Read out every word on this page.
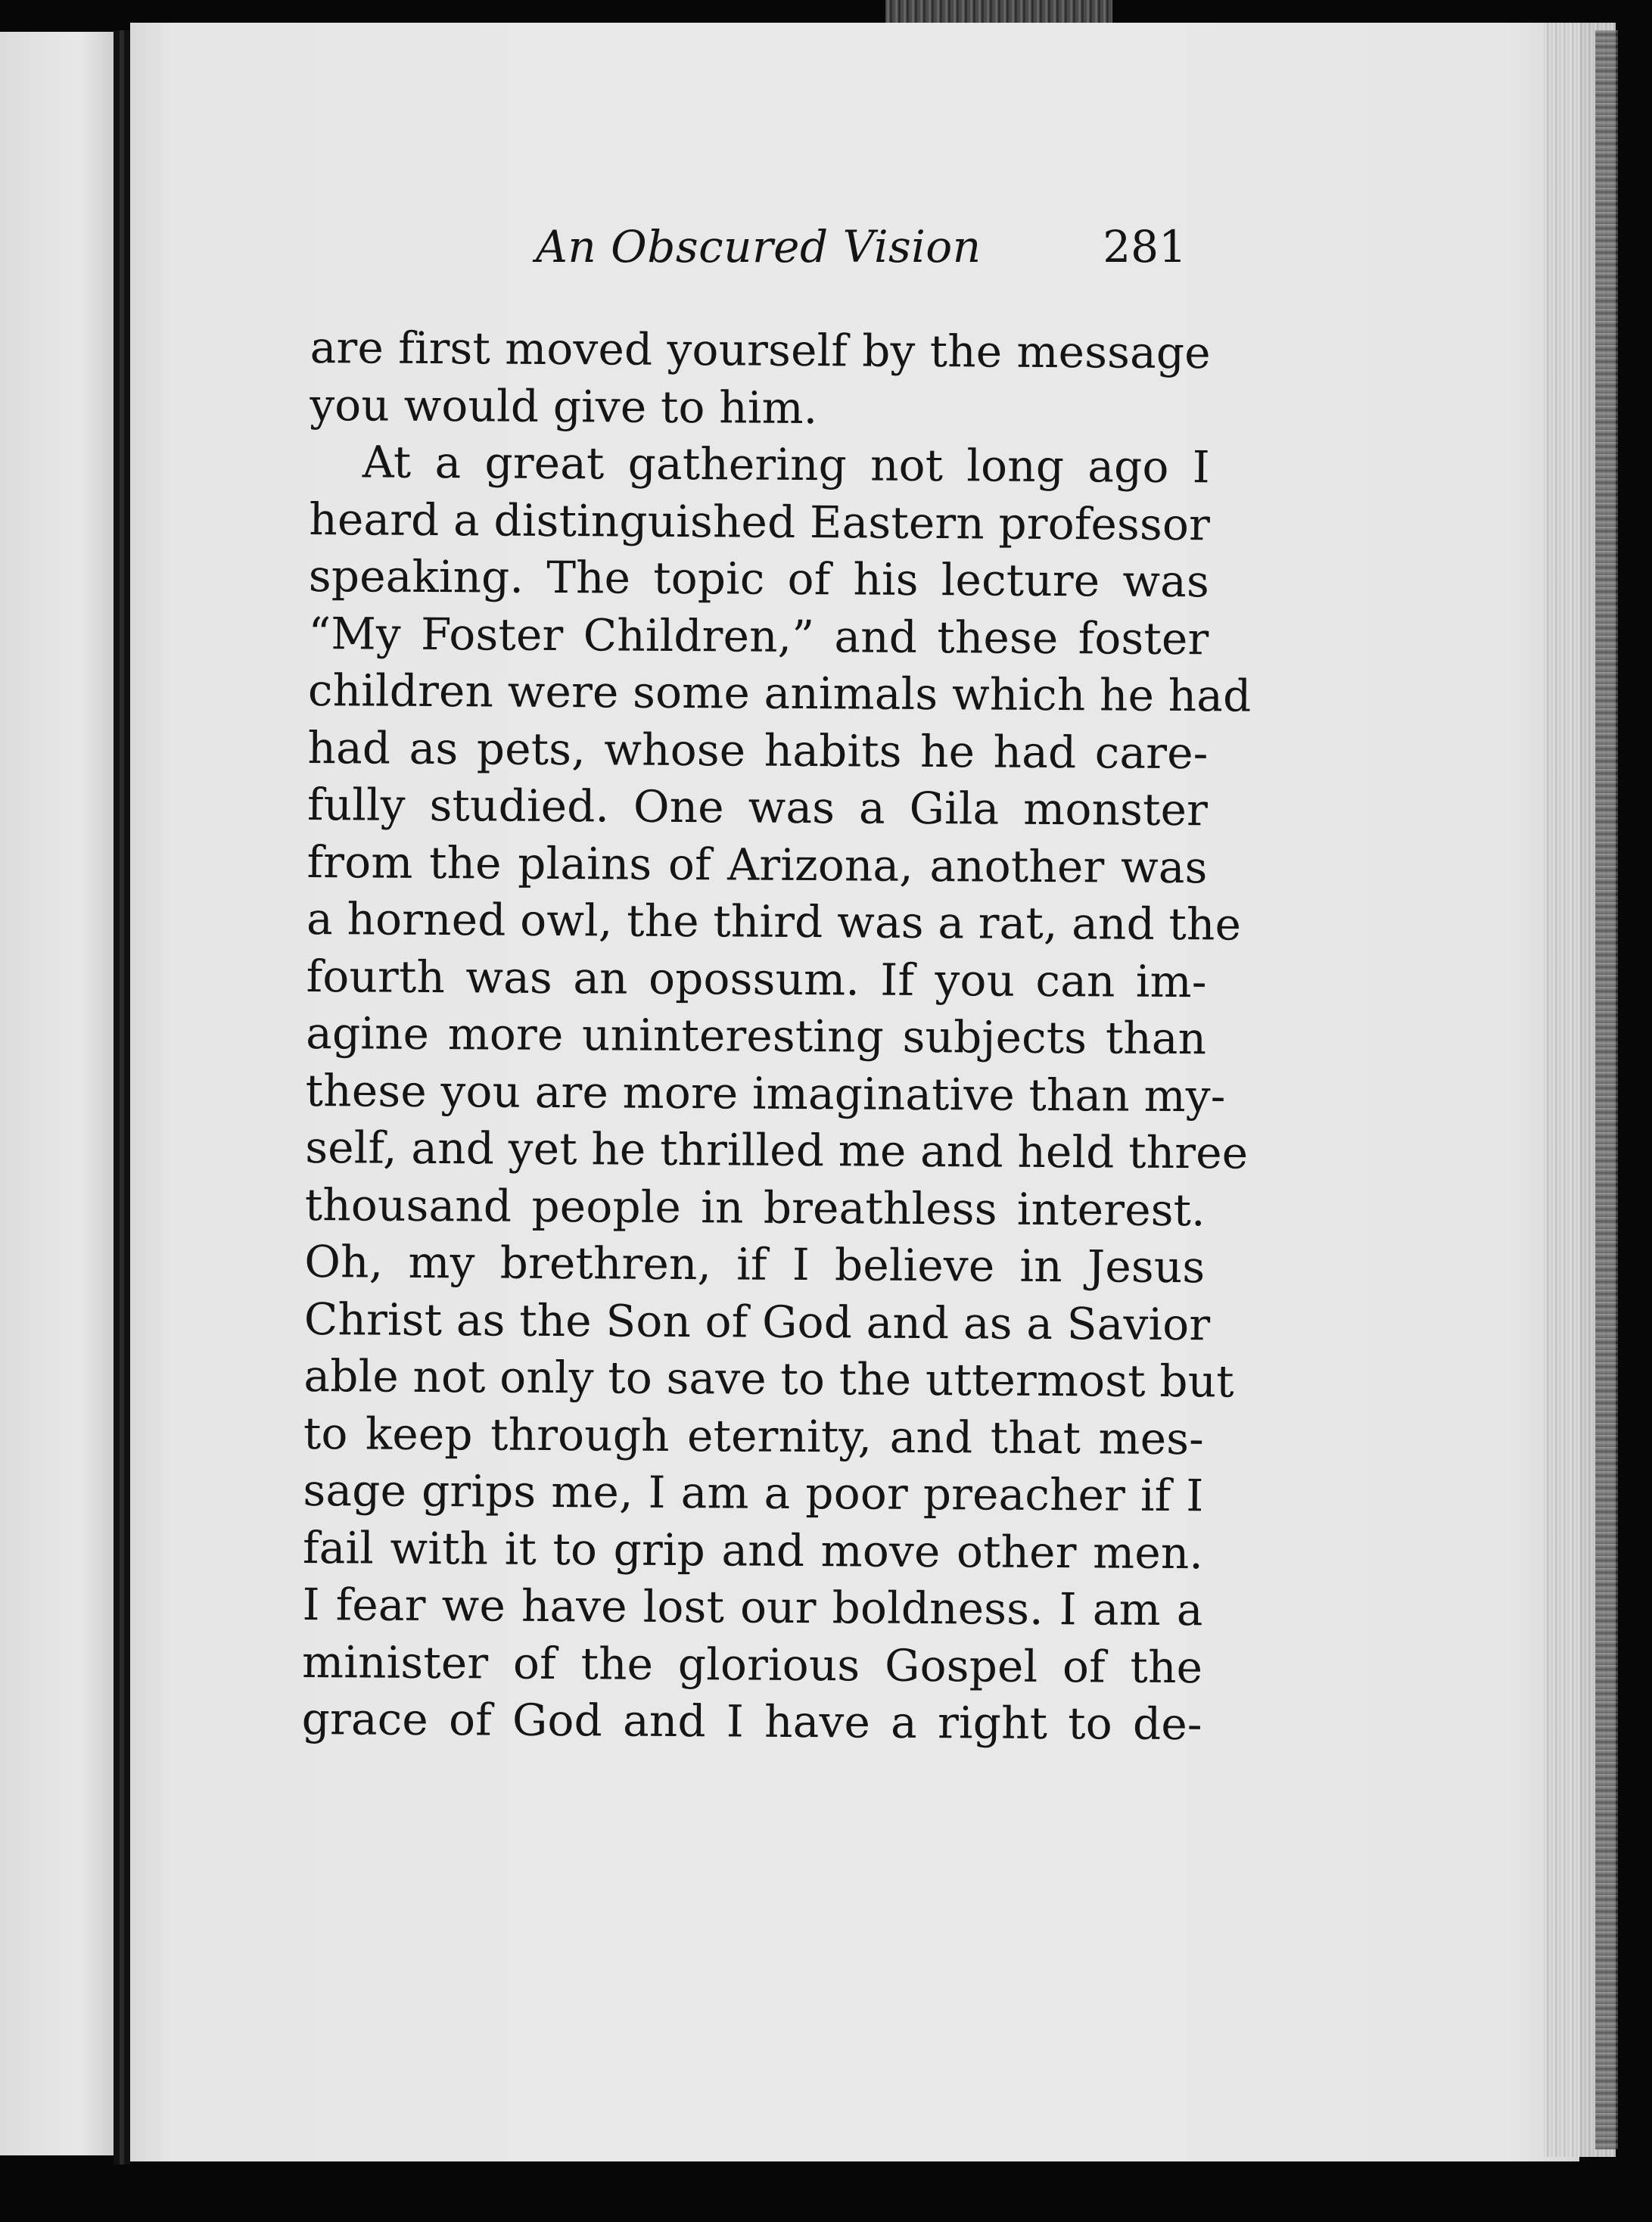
An Obscured Vision	281
are first moved yourself by the message
you would give to him.
At a great gathering not long ago I
heard a distinguished Eastern professor
speaking. The topic of his lecture was
“My Foster Children,” and these foster
children were some animals which he had
had as pets, whose habits he had care-
fully studied. One was a Gila monster
from the plains of Arizona, another was
a horned owl, the third was a rat, and the
fourth was an opossum. If you can im-
agine more uninteresting subjects than
these you are more imaginative than my-
self, and yet he thrilled me and held three
thousand people in breathless interest.
Oh, my brethren, if I believe in Jesus
Christ as the Son of God and as a Savior
able not only to save to the uttermost but
to keep through eternity, and that mes-
sage grips me, I am a poor preacher if I
fail with it to grip and move other men.
I fear we have lost our boldness. I am a
minister of the glorious Gospel of the
grace of God and I have a right to de-
